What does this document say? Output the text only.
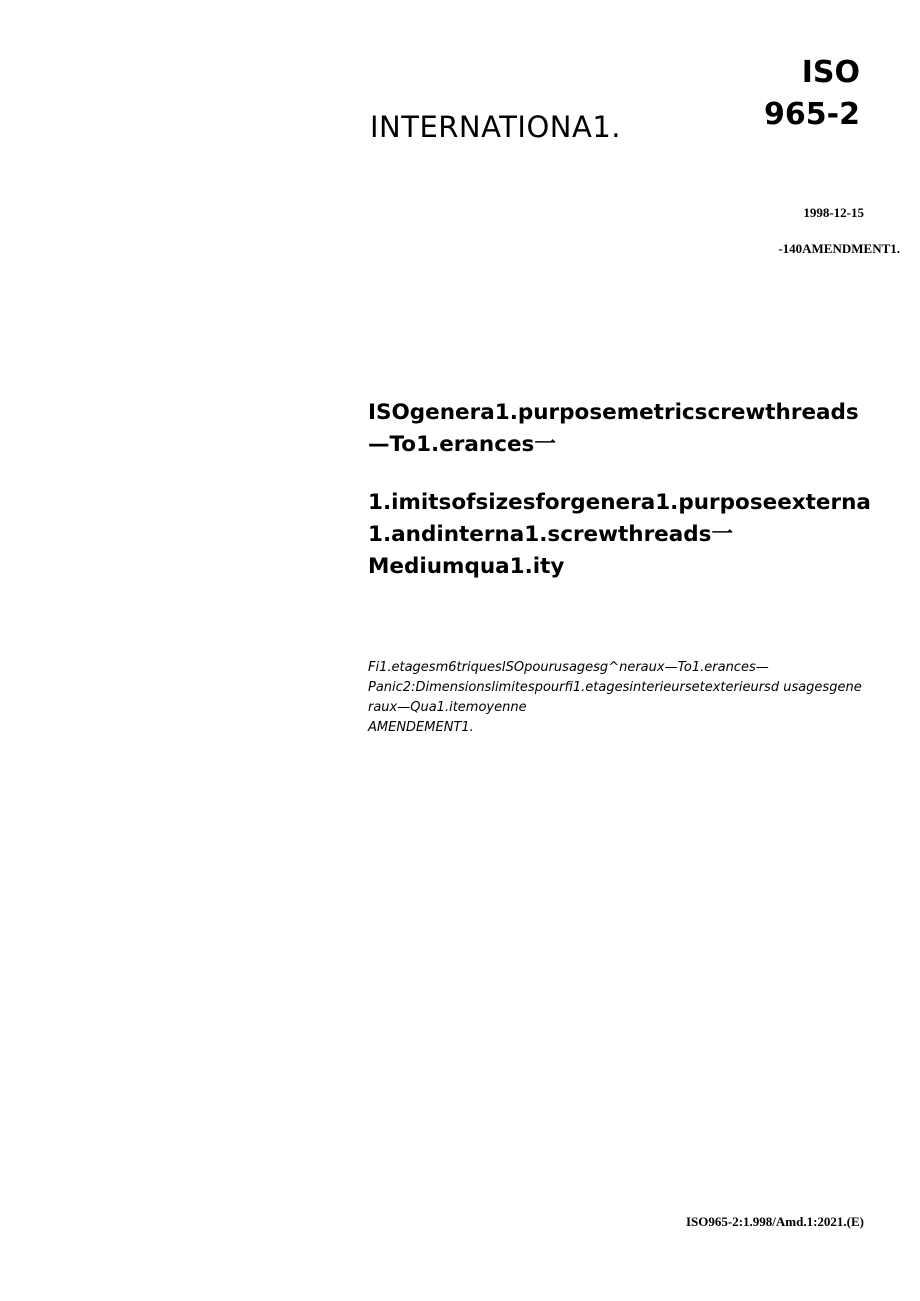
INTERNATIONA1.
ISO
965-2
1998-12-15
-140AMENDMENT1.
ISOgenera1.purposemetricscrewthreads
—To1.erances一
1.imitsofsizesforgenera1.purposeexterna
1.andinterna1.screwthreads一
Mediumqua1.ity
Fi1.etagesm6triquesISOpourusagesg^neraux—To1.erances—
Panic2:Dimensionslimitespourfi1.etagesinterieursetexterieursd usagesgene
raux—Qua1.itemoyenne
AMENDEMENT1.
ISO965-2:1.998/Amd.1:2021.(E)
